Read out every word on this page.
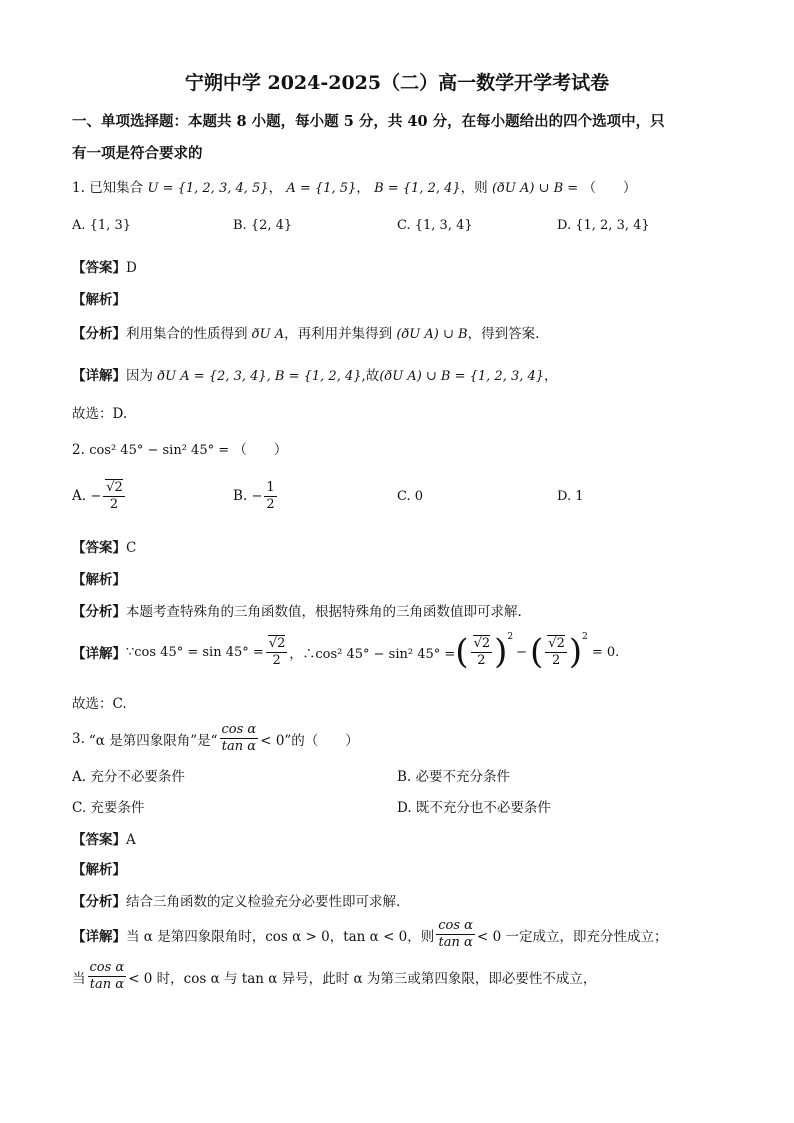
宁朔中学 2024-2025（二）高一数学开学考试卷
一、单项选择题：本题共 8 小题，每小题 5 分，共 40 分，在每小题给出的四个选项中，只
有一项是符合要求的
1. 已知集合 U = {1, 2, 3, 4, 5}， A = {1, 5}， B = {1, 2, 4}，则 (ðU A) ∪ B = （　　）
A. {1, 3}	B. {2, 4}	C. {1, 3, 4}	D. {1, 2, 3, 4}
【答案】D
【解析】
【分析】利用集合的性质得到 ðU A，再利用并集得到 (ðU A) ∪ B，得到答案.
【详解】因为 ðU A = {2, 3, 4}, B = {1, 2, 4},故(ðU A) ∪ B = {1, 2, 3, 4}，
故选：D.
2. cos² 45° − sin² 45° = （　　）
A. − $\frac{√2}{2}$	B. − $\frac{1}{2}$	C. 0	D. 1
【答案】C
【解析】
【分析】本题考查特殊角的三角函数值，根据特殊角的三角函数值即可求解.
【详解】 ∵cos $45^\circ = \sin 45^\circ = \frac{√2}{2}$ ，∴cos² 45° − sin² 45° = ( $\frac{√2}{2} )^2$
− ( $\frac{√2}{2} )^2$
= 0.
故选：C.
3. “α 是第四象限角”是“ $\frac{\text{cos α}}{\text{tan α}} < 0$”的（　　）
A. 充分不必要条件	B. 必要不充分条件
C. 充要条件	D. 既不充分也不必要条件
【答案】A
【解析】
【分析】结合三角函数的定义检验充分必要性即可求解．
【详解】 当 α 是第四象限角时，cos α > 0，tan α < 0，则 $\frac{\text{cos α}}{\text{tan α}} < 0$ 一定成立，即充分性成立；
当 $\frac{\text{cos α}}{\text{tan α}} < 0$ 时，cos α 与 tan α 异号，此时 α 为第三或第四象限，即必要性不成立，
